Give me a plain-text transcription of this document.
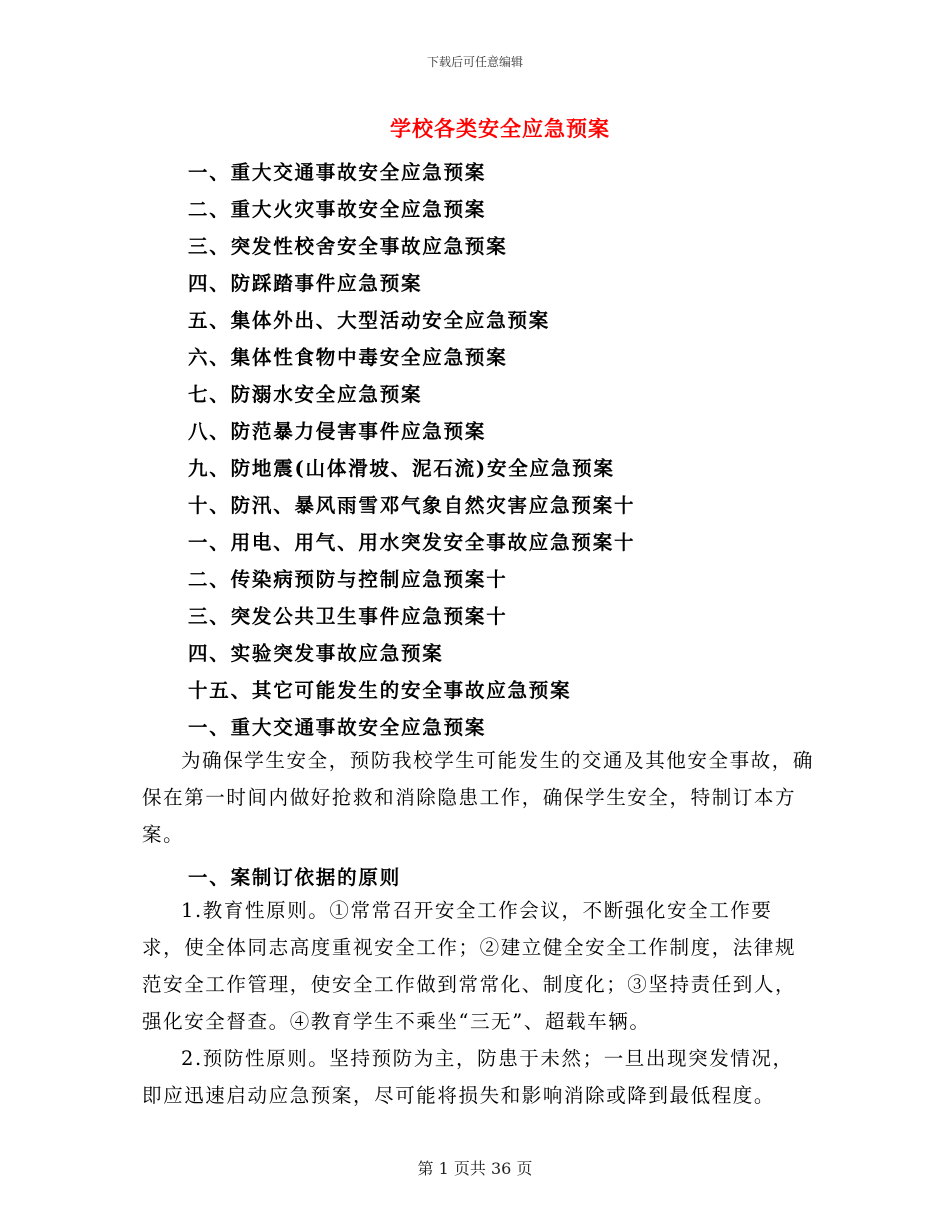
下载后可任意编辑
学校各类安全应急预案
一、重大交通事故安全应急预案
二、重大火灾事故安全应急预案
三、突发性校舍安全事故应急预案
四、防踩踏事件应急预案
五、集体外出、大型活动安全应急预案
六、集体性食物中毒安全应急预案
七、防溺水安全应急预案
八、防范暴力侵害事件应急预案
九、防地震(山体滑坡、泥石流)安全应急预案
十、防汛、暴风雨雪邓气象自然灾害应急预案十
一、用电、用气、用水突发安全事故应急预案十
二、传染病预防与控制应急预案十
三、突发公共卫生事件应急预案十
四、实验突发事故应急预案
十五、其它可能发生的安全事故应急预案
一、重大交通事故安全应急预案

为确保学生安全，预防我校学生可能发生的交通及其他安全事故，确保在第一时间内做好抢救和消除隐患工作，确保学生安全，特制订本方案。

一、案制订依据的原则

1.教育性原则。①常常召开安全工作会议，不断强化安全工作要求，使全体同志高度重视安全工作；②建立健全安全工作制度，法律规范安全工作管理，使安全工作做到常常化、制度化；③坚持责任到人，强化安全督查。④教育学生不乘坐“三无”、超载车辆。

2.预防性原则。坚持预防为主，防患于未然；一旦出现突发情况，即应迅速启动应急预案，尽可能将损失和影响消除或降到最低程度。

第 1 页共 36 页
